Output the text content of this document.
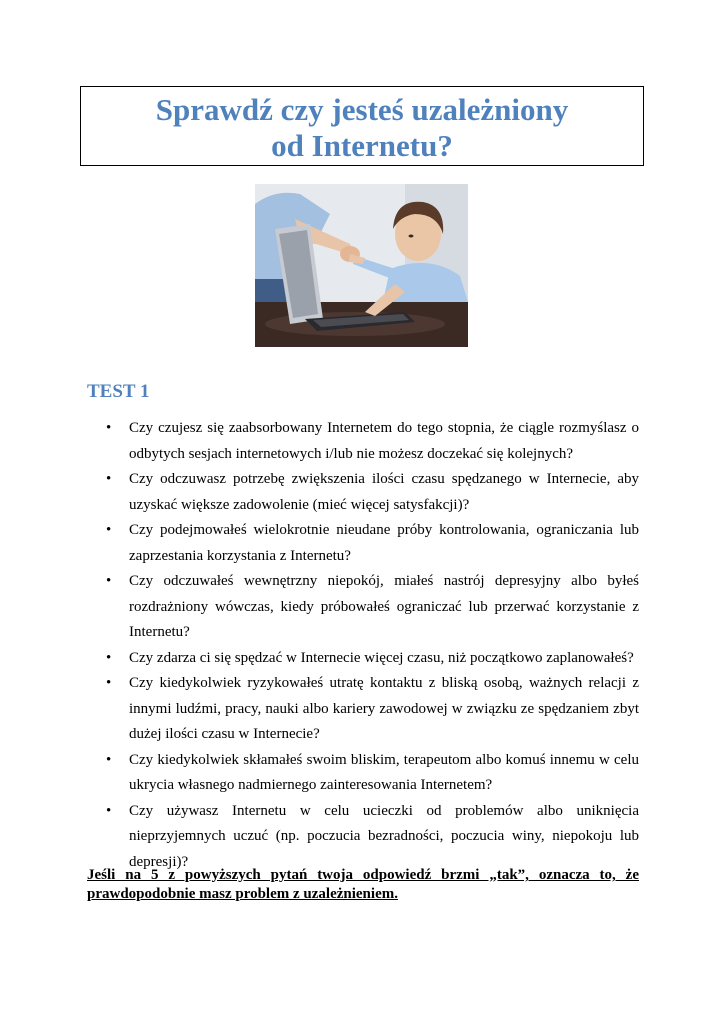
Sprawdź czy jesteś uzależniony
od Internetu?
TEST 1
• Czy czujesz się zaabsorbowany Internetem do tego stopnia, że ciągle rozmyślasz o odbytych sesjach internetowych i/lub nie możesz doczekać się kolejnych?
• Czy odczuwasz potrzebę zwiększenia ilości czasu spędzanego w Internecie, aby uzyskać większe zadowolenie (mieć więcej satysfakcji)?
• Czy podejmowałeś wielokrotnie nieudane próby kontrolowania, ograniczania lub zaprzestania korzystania z Internetu?
• Czy odczuwałeś wewnętrzny niepokój, miałeś nastrój depresyjny albo byłeś rozdrażniony wówczas, kiedy próbowałeś ograniczać lub przerwać korzystanie z Internetu?
• Czy zdarza ci się spędzać w Internecie więcej czasu, niż początkowo zaplanowałeś?
• Czy kiedykolwiek ryzykowałeś utratę kontaktu z bliską osobą, ważnych relacji z innymi ludźmi, pracy, nauki albo kariery zawodowej w związku ze spędzaniem zbyt dużej ilości czasu w Internecie?
• Czy kiedykolwiek skłamałeś swoim bliskim, terapeutom albo komuś innemu w celu ukrycia własnego nadmiernego zainteresowania Internetem?
• Czy używasz Internetu w celu ucieczki od problemów albo uniknięcia nieprzyjemnych uczuć (np. poczucia bezradności, poczucia winy, niepokoju lub depresji)?
Jeśli na 5 z powyższych pytań twoja odpowiedź brzmi „tak”, oznacza to, że prawdopodobnie masz problem z uzależnieniem.
